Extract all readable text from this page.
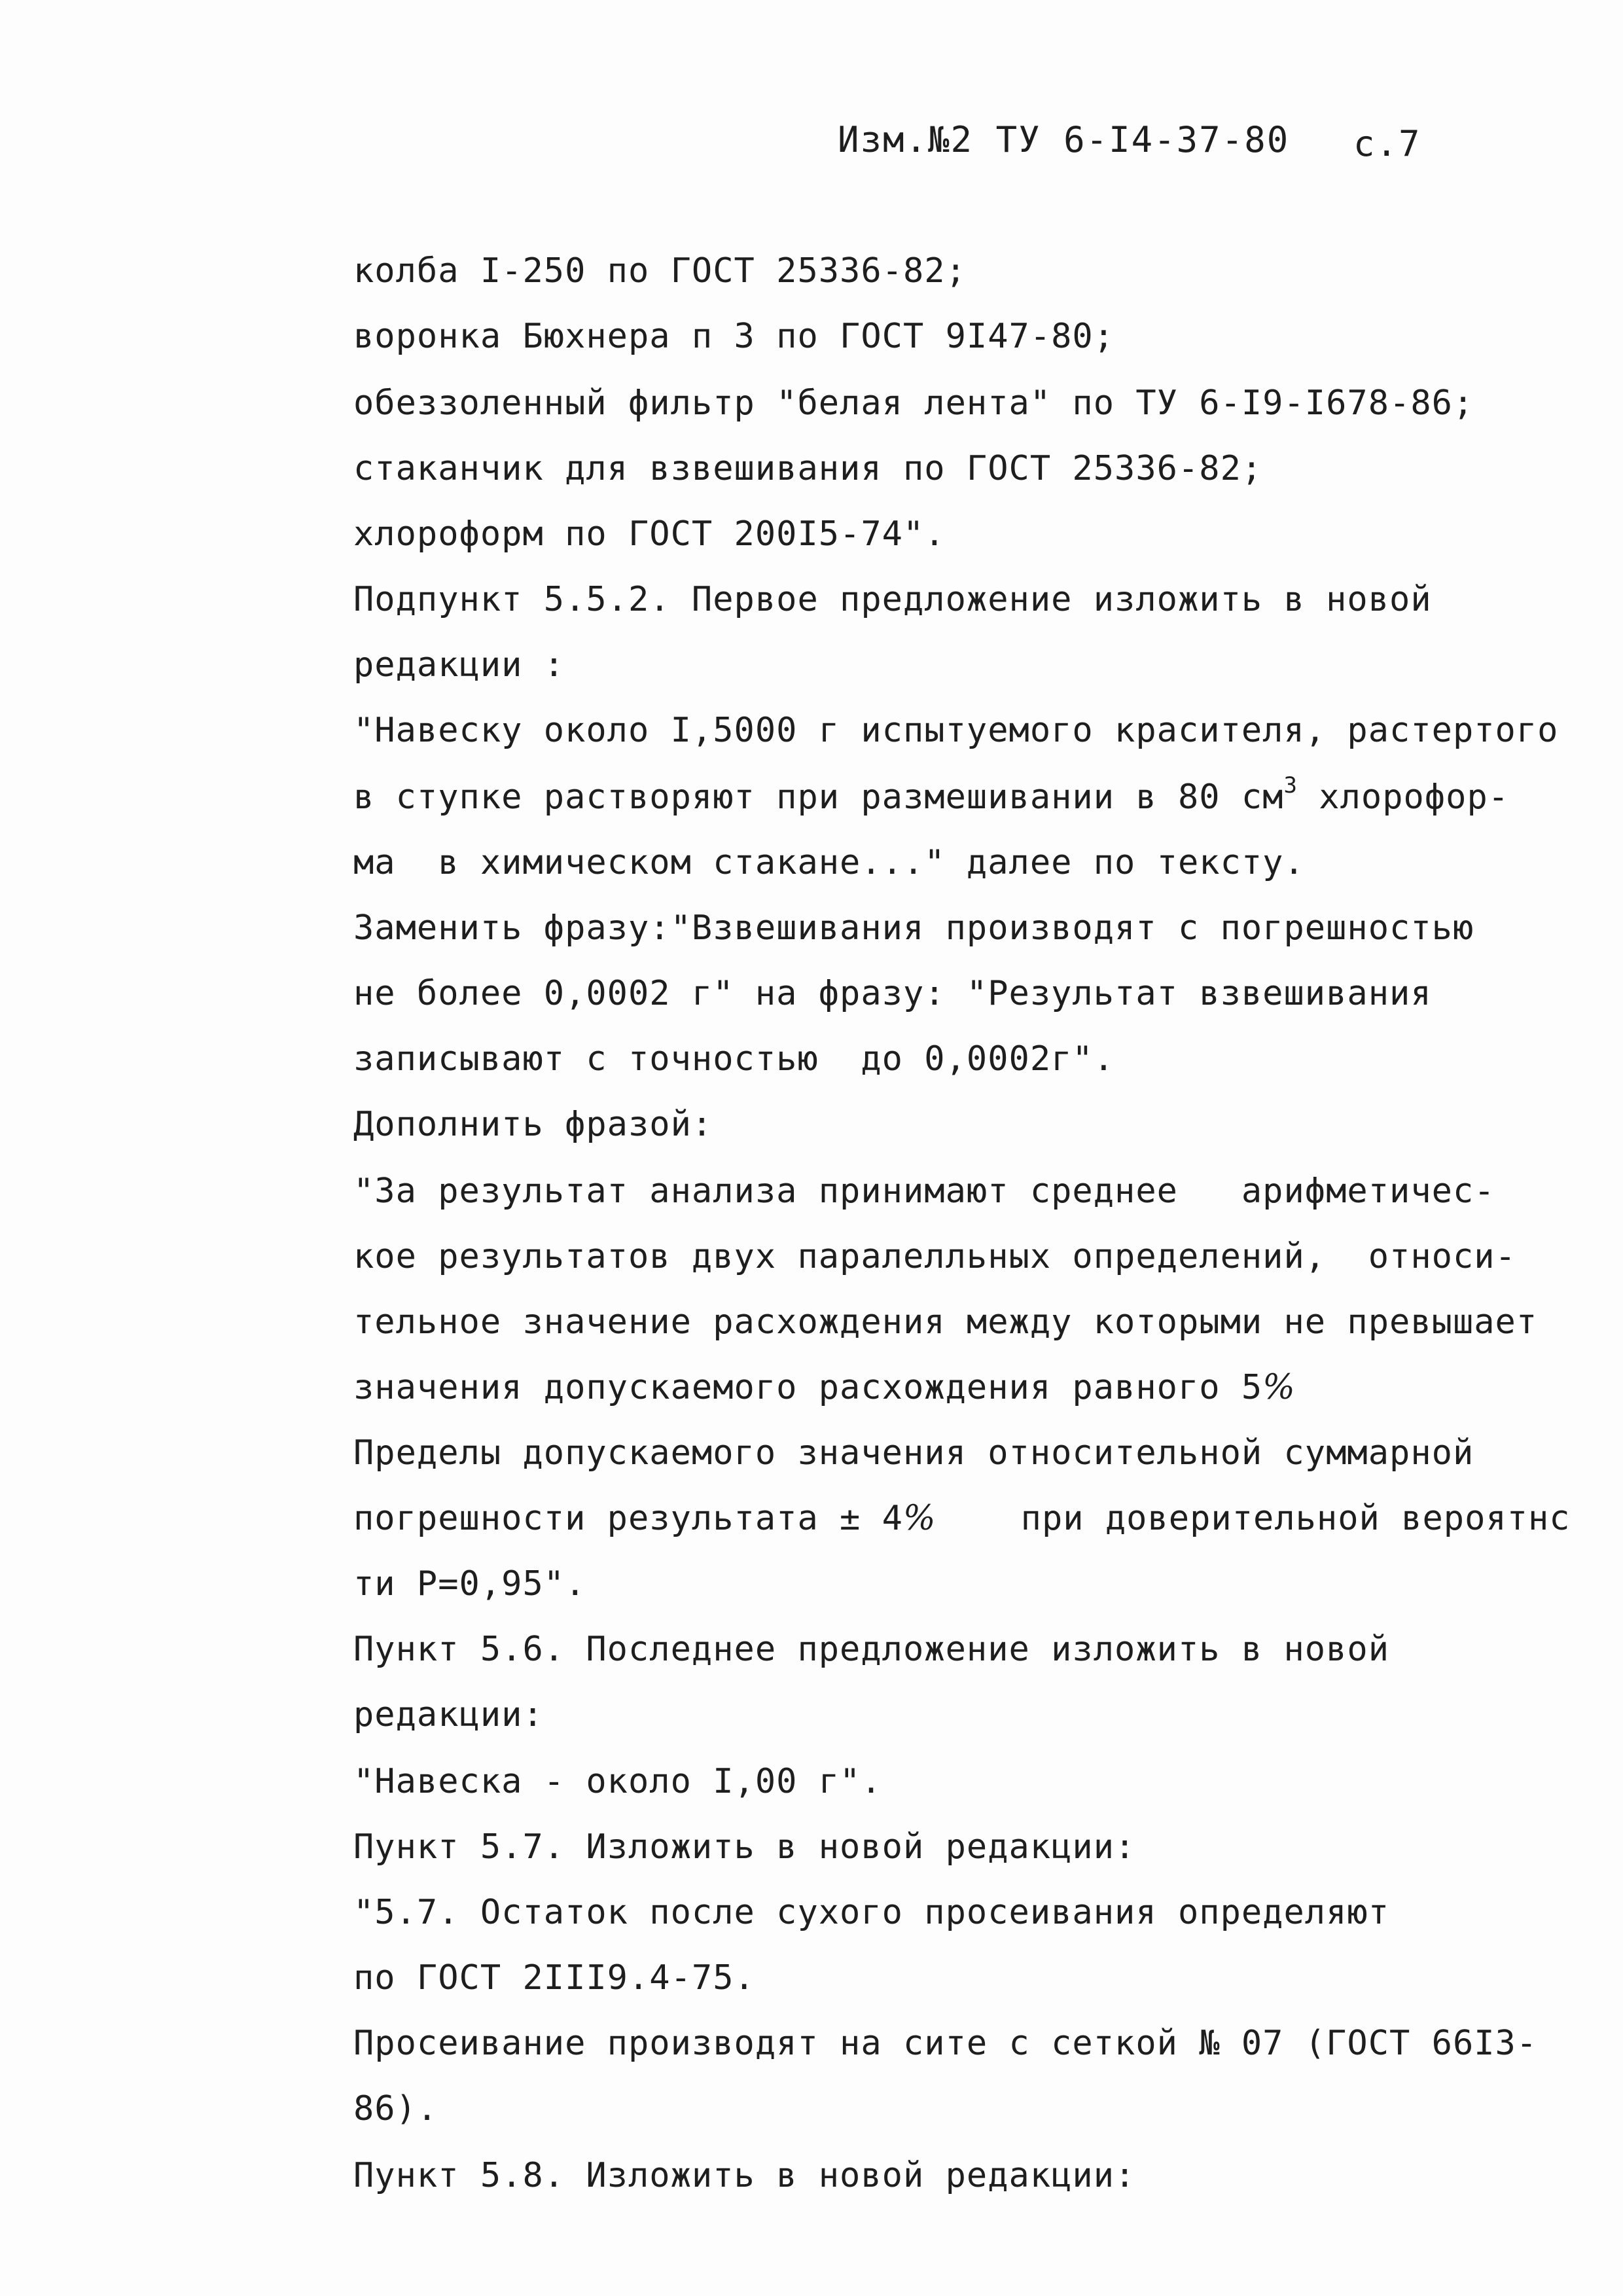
Изм.№2 ТУ 6-I4-37-80 с.7
колба I-250 по ГОСТ 25336-82;
воронка Бюхнера п 3 по ГОСТ 9I47-80;
обеззоленный фильтр "белая лента" по ТУ 6-I9-I678-86;
стаканчик для взвешивания по ГОСТ 25336-82;
хлороформ по ГОСТ 200I5-74".
Подпункт 5.5.2. Первое предложение изложить в новой
редакции :
"Навеску около I,5000 г испытуемого красителя, растертого
в ступке растворяют при размешивании в 80 $см^3$ хлорофор-
ма  в химическом стакане..." далее по тексту.
Заменить фразу:"Взвешивания производят с погрешностью
не более 0,0002 г" на фразу: "Результат взвешивания
записывают с точностью  до 0,0002г".
Дополнить фразой:
"За результат анализа принимают среднее   арифметичес-
кое результатов двух паралелльных определений,  относи-
тельное значение расхождения между которыми не превышает
значения допускаемого расхождения равного 5%
Пределы допускаемого значения относительной суммарной
погрешности результата ± 4%    при доверительной вероятнс
ти Р=0,95".
Пункт 5.6. Последнее предложение изложить в новой
редакции:
"Навеска - около I,00 г".
Пункт 5.7. Изложить в новой редакции:
"5.7. Остаток после сухого просеивания определяют
по ГОСТ 2III9.4-75.
Просеивание производят на сите с сеткой № 07 (ГОСТ 66I3-
86).
Пункт 5.8. Изложить в новой редакции:
